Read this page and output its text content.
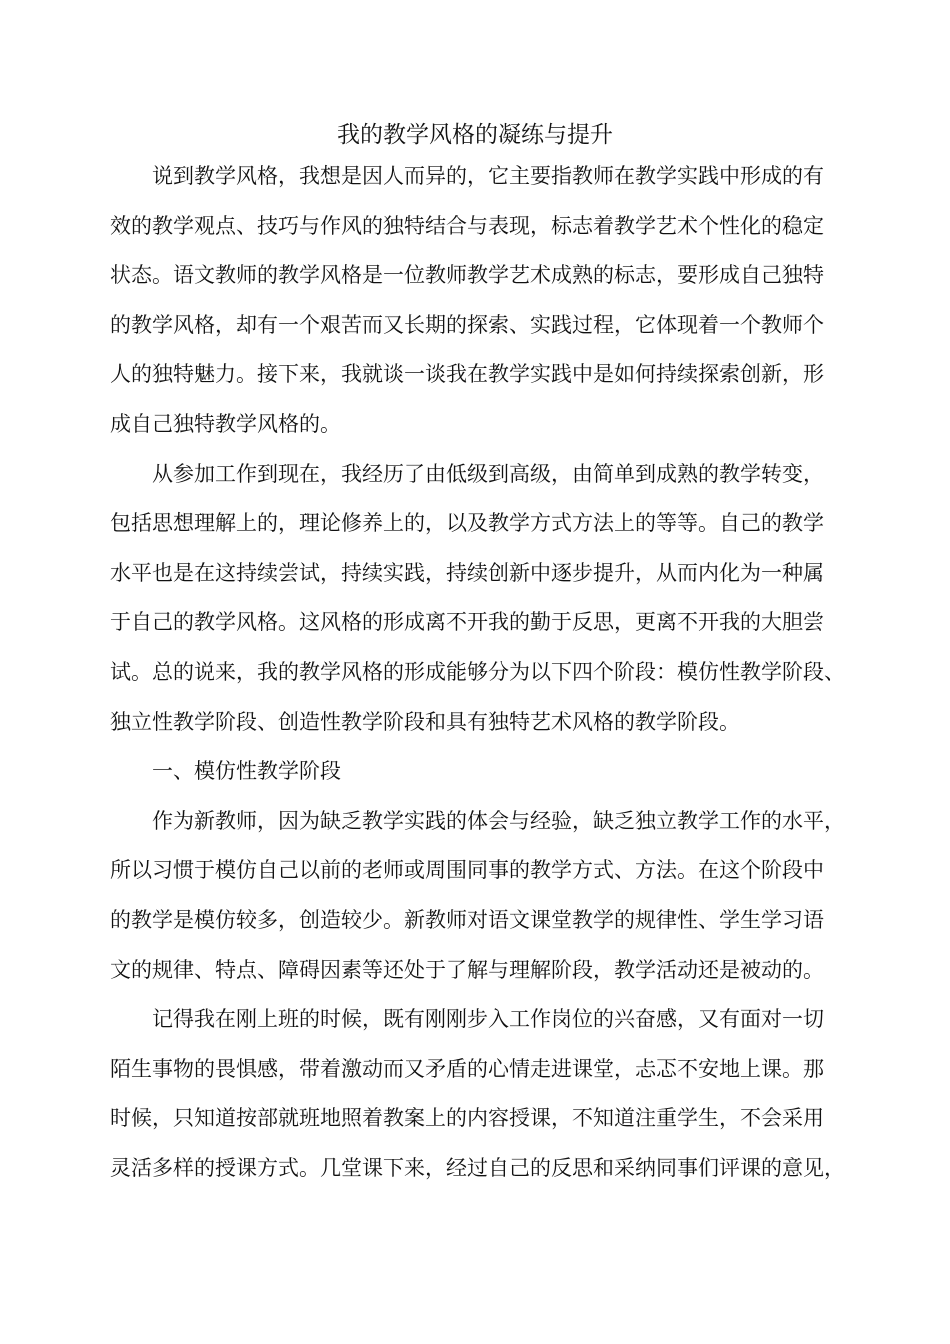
我的教学风格的凝练与提升
说到教学风格，我想是因人而异的，它主要指教师在教学实践中形成的有
效的教学观点、技巧与作风的独特结合与表现，标志着教学艺术个性化的稳定
状态。语文教师的教学风格是一位教师教学艺术成熟的标志，要形成自己独特
的教学风格，却有一个艰苦而又长期的探索、实践过程，它体现着一个教师个
人的独特魅力。接下来，我就谈一谈我在教学实践中是如何持续探索创新，形
成自己独特教学风格的。
从参加工作到现在，我经历了由低级到高级，由简单到成熟的教学转变，
包括思想理解上的，理论修养上的，以及教学方式方法上的等等。自己的教学
水平也是在这持续尝试，持续实践，持续创新中逐步提升，从而内化为一种属
于自己的教学风格。这风格的形成离不开我的勤于反思，更离不开我的大胆尝
试。总的说来，我的教学风格的形成能够分为以下四个阶段：模仿性教学阶段、
独立性教学阶段、创造性教学阶段和具有独特艺术风格的教学阶段。
一、模仿性教学阶段
作为新教师，因为缺乏教学实践的体会与经验，缺乏独立教学工作的水平，
所以习惯于模仿自己以前的老师或周围同事的教学方式、方法。在这个阶段中
的教学是模仿较多，创造较少。新教师对语文课堂教学的规律性、学生学习语
文的规律、特点、障碍因素等还处于了解与理解阶段，教学活动还是被动的。
记得我在刚上班的时候，既有刚刚步入工作岗位的兴奋感，又有面对一切
陌生事物的畏惧感，带着激动而又矛盾的心情走进课堂，忐忑不安地上课。那
时候，只知道按部就班地照着教案上的内容授课，不知道注重学生，不会采用
灵活多样的授课方式。几堂课下来，经过自己的反思和采纳同事们评课的意见，
